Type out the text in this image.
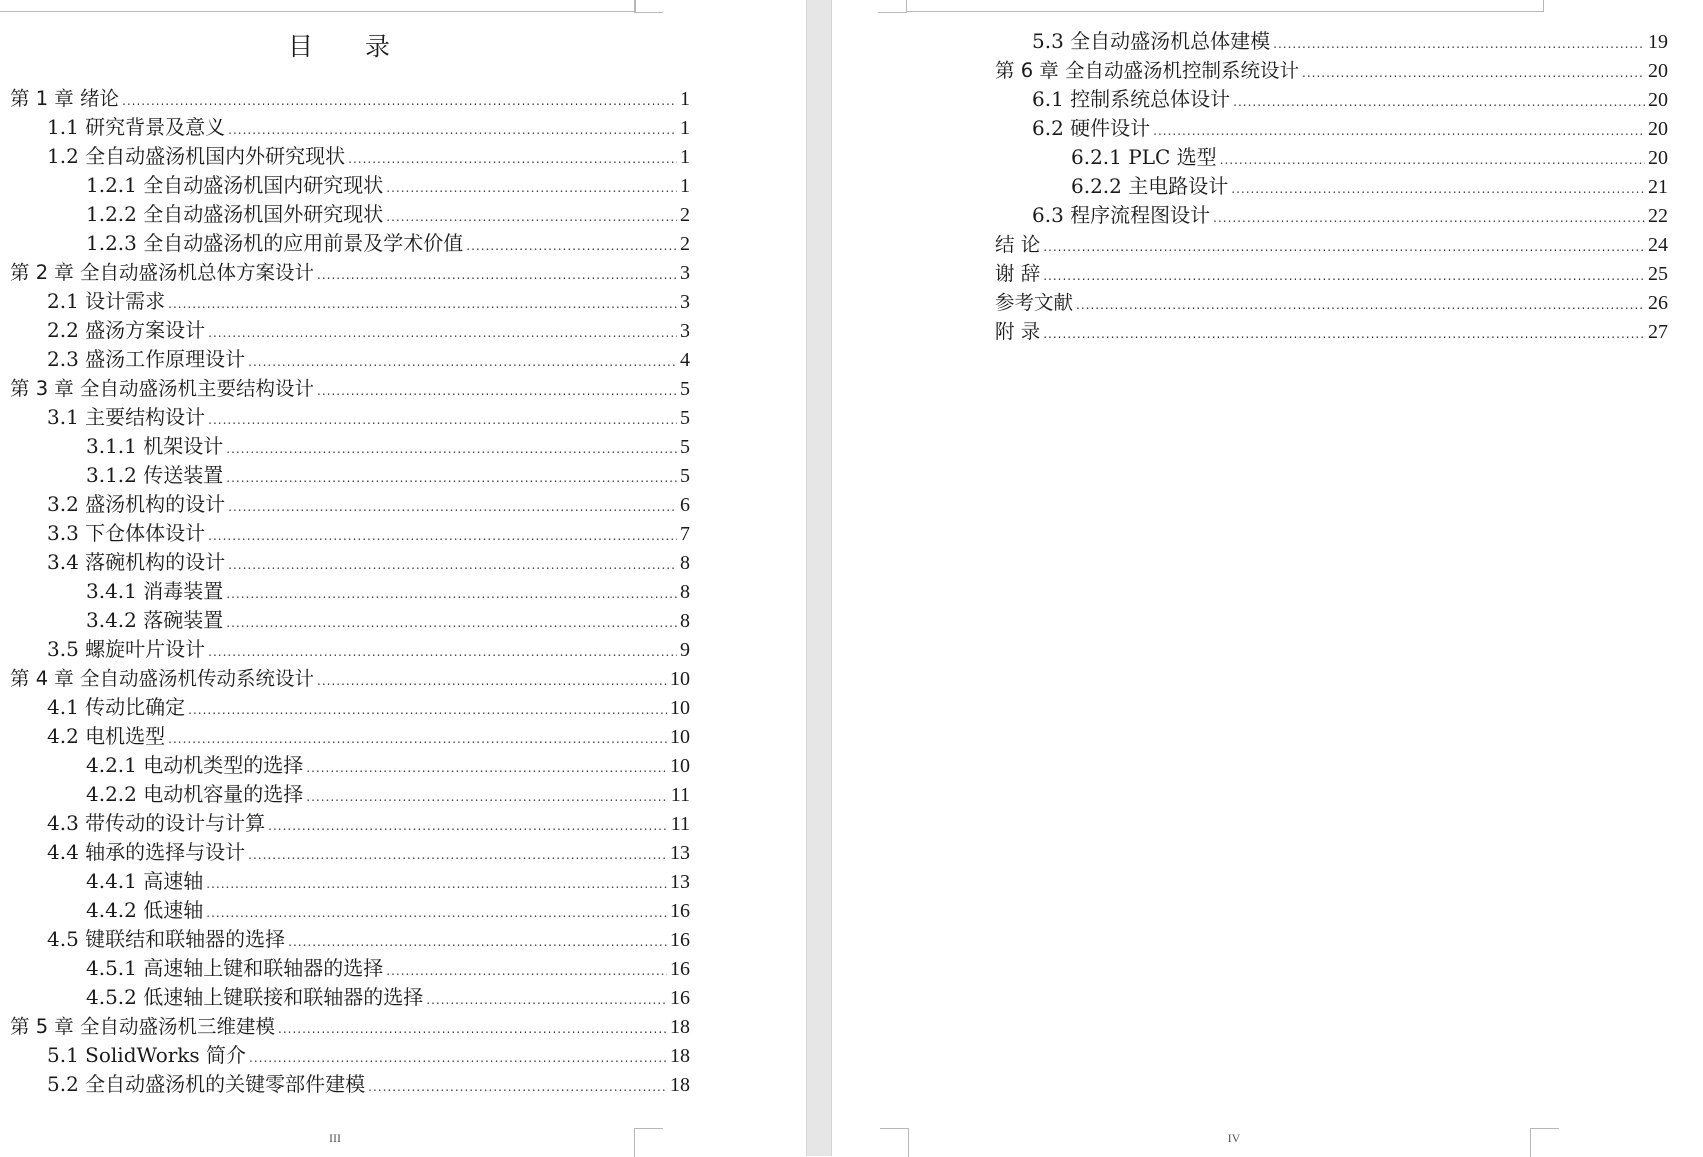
目 录
第 1 章 绪论 .....	1
1.1 研究背景及意义 .....	1
1.2 全自动盛汤机国内外研究现状 .....	1
1.2.1 全自动盛汤机国内研究现状 .....	1
1.2.2 全自动盛汤机国外研究现状 .....	2
1.2.3 全自动盛汤机的应用前景及学术价值 .....	2
第 2 章 全自动盛汤机总体方案设计 .....	3
2.1 设计需求 .....	3
2.2 盛汤方案设计 .....	3
2.3 盛汤工作原理设计 .....	4
第 3 章 全自动盛汤机主要结构设计 .....	5
3.1 主要结构设计 .....	5
3.1.1 机架设计 .....	5
3.1.2 传送装置 .....	5
3.2 盛汤机构的设计 .....	6
3.3 下仓体体设计 .....	7
3.4 落碗机构的设计 .....	8
3.4.1 消毒装置 .....	8
3.4.2 落碗装置 .....	8
3.5 螺旋叶片设计 .....	9
第 4 章 全自动盛汤机传动系统设计 .....	10
4.1 传动比确定 .....	10
4.2 电机选型 .....	10
4.2.1 电动机类型的选择 .....	10
4.2.2 电动机容量的选择 .....	11
4.3 带传动的设计与计算 .....	11
4.4 轴承的选择与设计 .....	13
4.4.1 高速轴 .....	13
4.4.2 低速轴 .....	16
4.5 键联结和联轴器的选择 .....	16
4.5.1 高速轴上键和联轴器的选择 .....	16
4.5.2 低速轴上键联接和联轴器的选择 .....	16
第 5 章 全自动盛汤机三维建模 .....	18
5.1 SolidWorks 简介 .....	18
5.2 全自动盛汤机的关键零部件建模 .....	18
III
5.3 全自动盛汤机总体建模 .....	19
第 6 章 全自动盛汤机控制系统设计 .....	20
6.1 控制系统总体设计 .....	20
6.2 硬件设计 .....	20
6.2.1 PLC 选型 .....	20
6.2.2 主电路设计 .....	21
6.3 程序流程图设计 .....	22
结 论 .....	24
谢 辞 .....	25
参考文献 .....	26
附 录 .....	27
IV
